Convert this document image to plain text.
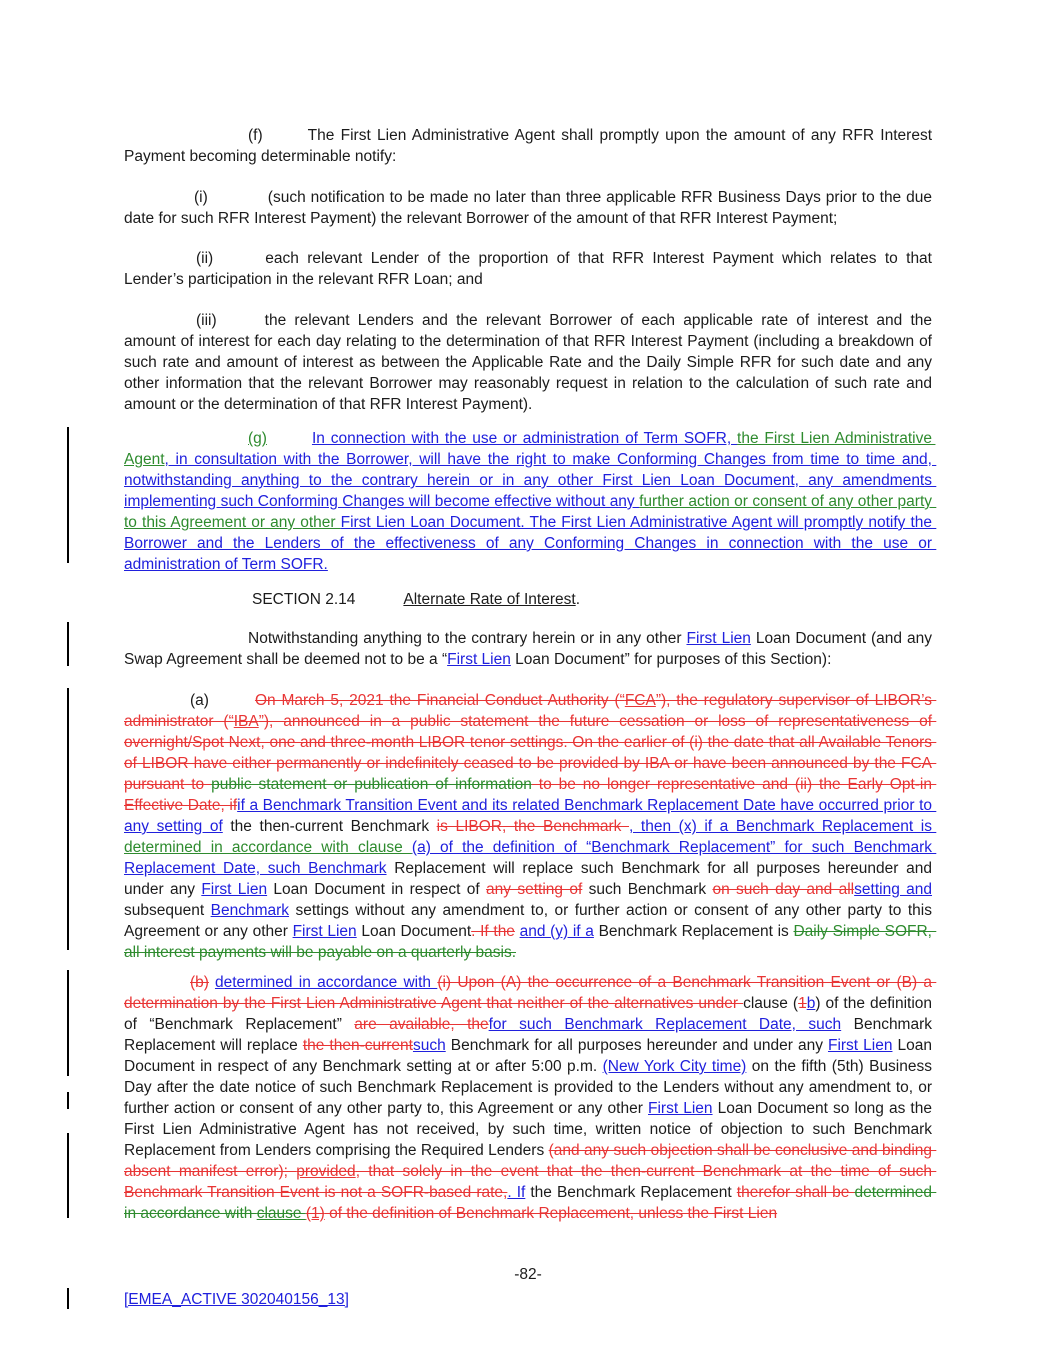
-82-
[EMEA_ACTIVE 302040156_13]
(f)	The First Lien Administrative Agent shall promptly upon the amount of any RFR Interest Payment becoming determinable notify:
(i)	(such notification to be made no later than three applicable RFR Business Days prior to the due date for such RFR Interest Payment) the relevant Borrower of the amount of that RFR Interest Payment;
(ii)	each relevant Lender of the proportion of that RFR Interest Payment which relates to that Lender’s participation in the relevant RFR Loan; and
(iii)	the relevant Lenders and the relevant Borrower of each applicable rate of interest and the amount of interest for each day relating to the determination of that RFR Interest Payment (including a breakdown of such rate and amount of interest as between the Applicable Rate and the Daily Simple RFR for such date and any other information that the relevant Borrower may reasonably request in relation to the calculation of such rate and amount or the determination of that RFR Interest Payment).
(g)	In connection with the use or administration of Term SOFR, the First Lien Administrative Agent, in consultation with the Borrower, will have the right to make Conforming Changes from time to time and, notwithstanding anything to the contrary herein or in any other First Lien Loan Document, any amendments implementing such Conforming Changes will become effective without any further action or consent of any other party to this Agreement or any other First Lien Loan Document. The First Lien Administrative Agent will promptly notify the Borrower and the Lenders of the effectiveness of any Conforming Changes in connection with the use or administration of Term SOFR.
SECTION 2.14	Alternate Rate of Interest.
Notwithstanding anything to the contrary herein or in any other First Lien Loan Document (and any Swap Agreement shall be deemed not to be a “First Lien Loan Document” for purposes of this Section):
(a)	On March 5, 2021 the Financial Conduct Authority (“FCA”), the regulatory supervisor of LIBOR’s administrator (“IBA”), announced in a public statement the future cessation or loss of representativeness of overnight/Spot Next, one and three-month LIBOR tenor settings. On the earlier of (i) the date that all Available Tenors of LIBOR have either permanently or indefinitely ceased to be provided by IBA or have been announced by the FCA pursuant to public statement or publication of information to be no longer representative and (ii) the Early Opt-in Effective Date, ifif a Benchmark Transition Event and its related Benchmark Replacement Date have occurred prior to any setting of the then-current Benchmark is LIBOR, the Benchmark , then (x) if a Benchmark Replacement is determined in accordance with clause (a) of the definition of “Benchmark Replacement” for such Benchmark Replacement Date, such Benchmark Replacement will replace such Benchmark for all purposes hereunder and under any First Lien Loan Document in respect of any setting of such Benchmark on such day and allsetting and subsequent Benchmark settings without any amendment to, or further action or consent of any other party to this Agreement or any other First Lien Loan Document. If the and (y) if a Benchmark Replacement is Daily Simple SOFR, all interest payments will be payable on a quarterly basis.
(b) determined in accordance with (i) Upon (A) the occurrence of a Benchmark Transition Event or (B) a determination by the First Lien Administrative Agent that neither of the alternatives under clause (1b) of the definition of “Benchmark Replacement” are available, thefor such Benchmark Replacement Date, such Benchmark Replacement will replace the then-currentsuch Benchmark for all purposes hereunder and under any First Lien Loan Document in respect of any Benchmark setting at or after 5:00 p.m. (New York City time) on the fifth (5th) Business Day after the date notice of such Benchmark Replacement is provided to the Lenders without any amendment to, or further action or consent of any other party to, this Agreement or any other First Lien Loan Document so long as the First Lien Administrative Agent has not received, by such time, written notice of objection to such Benchmark Replacement from Lenders comprising the Required Lenders (and any such objection shall be conclusive and binding absent manifest error); provided, that solely in the event that the then-current Benchmark at the time of such Benchmark Transition Event is not a SOFR-based rate,. If the Benchmark Replacement therefor shall be determined in accordance with clause (1) of the definition of Benchmark Replacement, unless the First Lien
